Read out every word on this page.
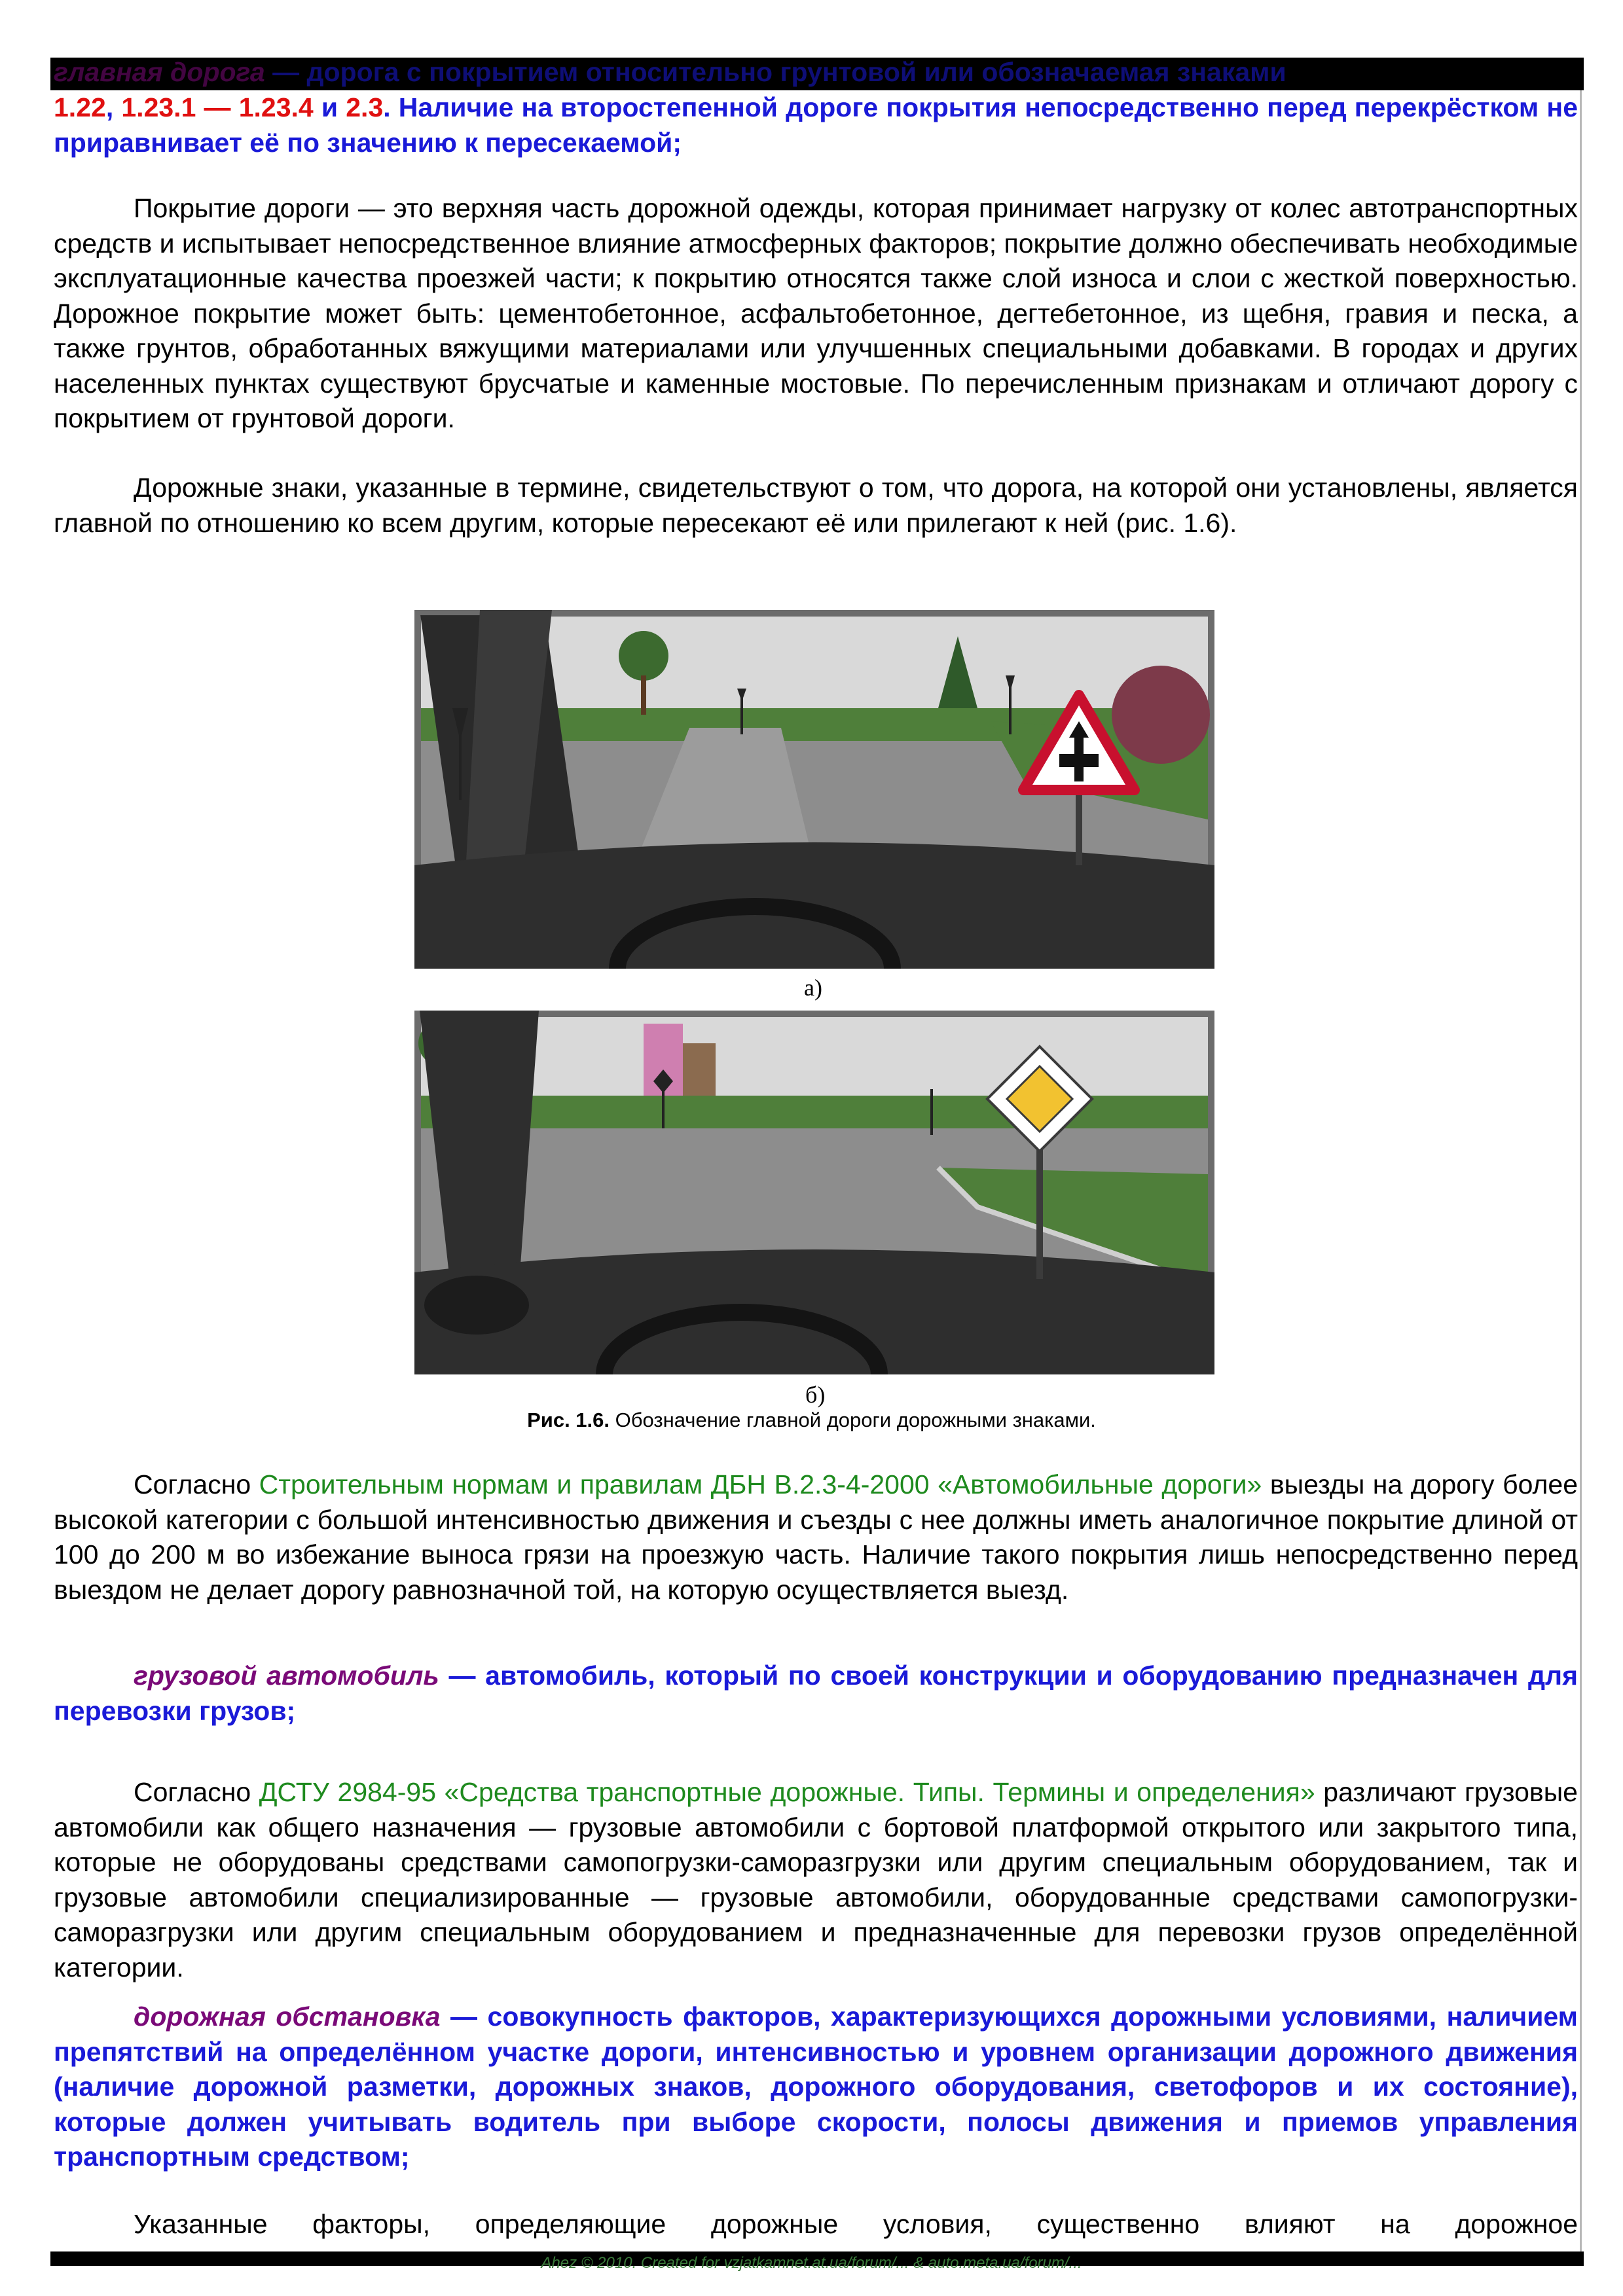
главная дорога — дорога с покрытием относительно грунтовой или обозначаемая знаками

1.22, 1.23.1 — 1.23.4 и 2.3. Наличие на второстепенной дороге покрытия непосредственно перед перекрёстком не приравнивает её по значению к пересекаемой;

Покрытие дороги — это верхняя часть дорожной одежды, которая принимает нагрузку от колес автотранспортных средств и испытывает непосредственное влияние атмосферных факторов; покрытие должно обеспечивать необходимые эксплуатационные качества проезжей части; к покрытию относятся также слой износа и слои с жесткой поверхностью. Дорожное покрытие может быть: цементобетонное, асфальтобетонное, дегтебетонное, из щебня, гравия и песка, а также грунтов, обработанных вяжущими материалами или улучшенных специальными добавками. В городах и других населенных пунктах существуют брусчатые и каменные мостовые. По перечисленным признакам и отличают дорогу с покрытием от грунтовой дороги.

Дорожные знаки, указанные в термине, свидетельствуют о том, что дорога, на которой они установлены, является главной по отношению ко всем другим, которые пересекают её или прилегают к ней (рис. 1.6).

а)
б)
Рис. 1.6. Обозначение главной дороги дорожными знаками.

Согласно Строительным нормам и правилам ДБН В.2.3-4-2000 «Автомобильные дороги» выезды на дорогу более высокой категории с большой интенсивностью движения и съезды с нее должны иметь аналогичное покрытие длиной от 100 до 200 м во избежание выноса грязи на проезжую часть. Наличие такого покрытия лишь непосредственно перед выездом не делает дорогу равнозначной той, на которую осуществляется выезд.

грузовой автомобиль — автомобиль, который по своей конструкции и оборудованию предназначен для перевозки грузов;

Согласно ДСТУ 2984-95 «Средства транспортные дорожные. Типы. Термины и определения» различают грузовые автомобили как общего назначения — грузовые автомобили с бортовой платформой открытого или закрытого типа, которые не оборудованы средствами самопогрузки-саморазгрузки или другим специальным оборудованием, так и грузовые автомобили специализированные — грузовые автомобили, оборудованные средствами самопогрузки-саморазгрузки или другим специальным оборудованием и предназначенные для перевозки грузов определённой категории.

дорожная обстановка — совокупность факторов, характеризующихся дорожными условиями, наличием препятствий на определённом участке дороги, интенсивностью и уровнем организации дорожного движения (наличие дорожной разметки, дорожных знаков, дорожного оборудования, светофоров и их состояние), которые должен учитывать водитель при выборе скорости, полосы движения и приемов управления транспортным средством;

Указанные факторы, определяющие дорожные условия, существенно влияют на дорожное

Ahez © 2010. Created for vzjatkamnet.at.ua/forum/... & auto.meta.ua/forum/...
